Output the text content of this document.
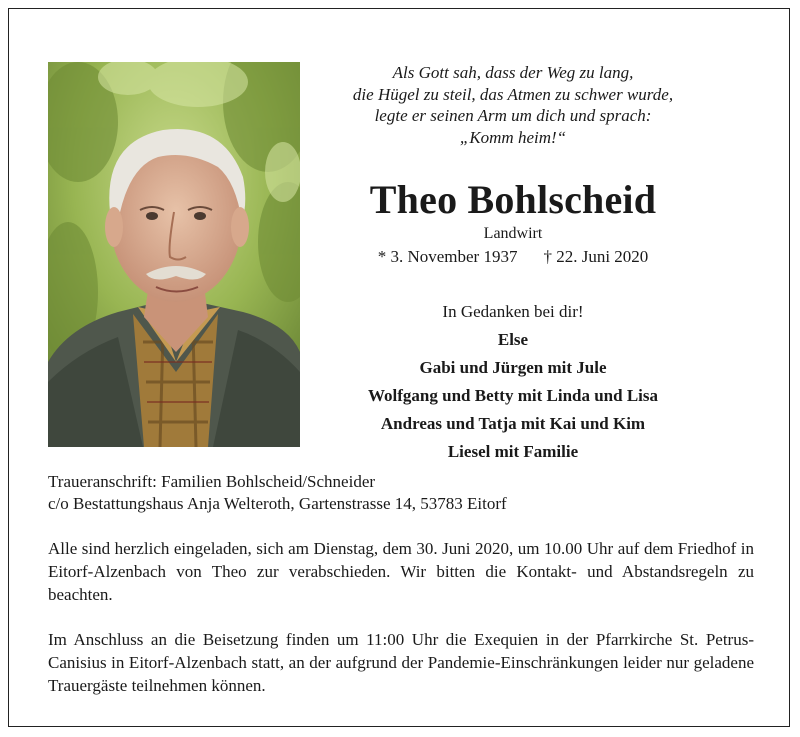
Als Gott sah, dass der Weg zu lang,
die Hügel zu steil, das Atmen zu schwer wurde,
legte er seinen Arm um dich und sprach:
„Komm heim!“
Theo Bohlscheid
Landwirt
* 3. November 1937 † 22. Juni 2020
In Gedanken bei dir!
Else
Gabi und Jürgen mit Jule
Wolfgang und Betty mit Linda und Lisa
Andreas und Tatja mit Kai und Kim
Liesel mit Familie
Traueranschrift: Familien Bohlscheid/Schneider
c/o Bestattungshaus Anja Welteroth, Gartenstrasse 14, 53783 Eitorf
Alle sind herzlich eingeladen, sich am Dienstag, dem 30. Juni 2020, um 10.00 Uhr auf dem Friedhof in Eitorf-Alzenbach von Theo zur verabschieden. Wir bitten die Kontakt- und Abstandsregeln zu beachten.
Im Anschluss an die Beisetzung finden um 11:00 Uhr die Exequien in der Pfarrkirche St. Petrus-Canisius in Eitorf-Alzenbach statt, an der aufgrund der Pandemie-Einschränkungen leider nur geladene Trauergäste teilnehmen können.
